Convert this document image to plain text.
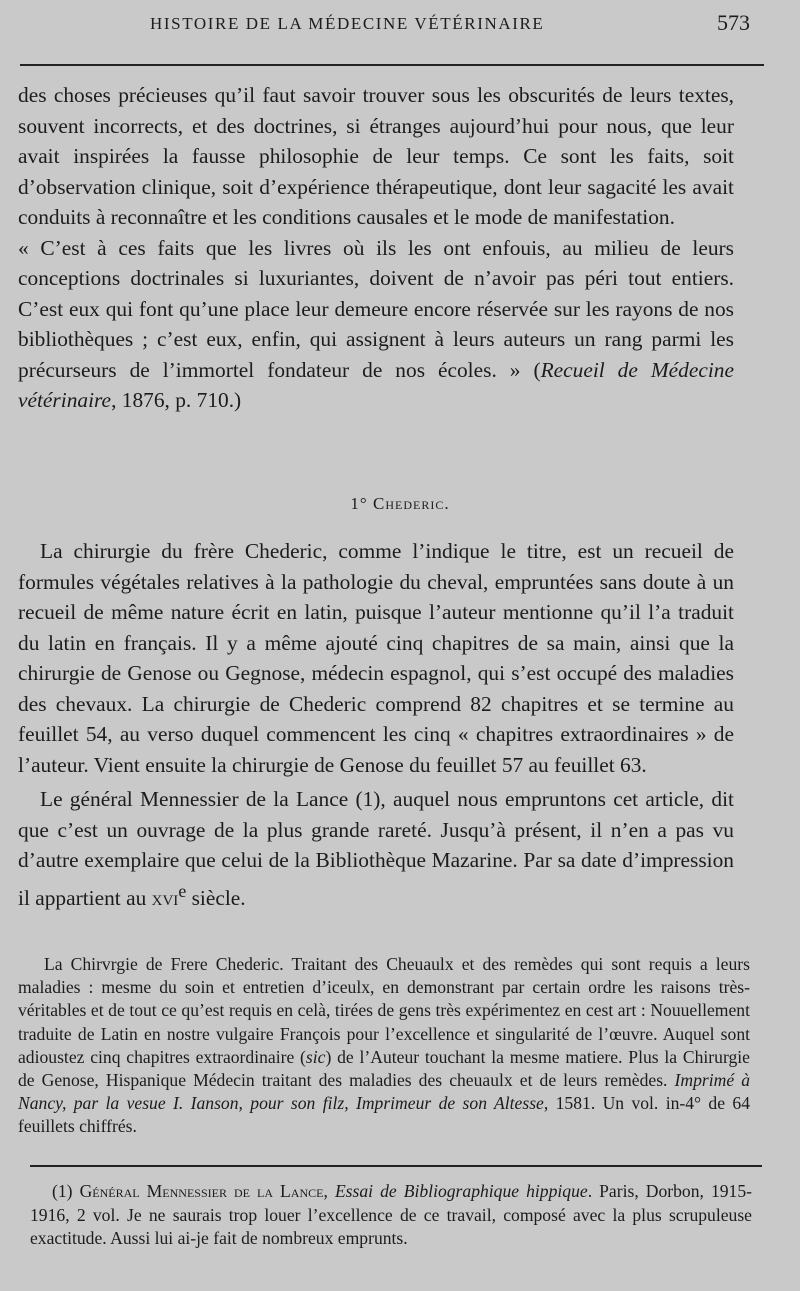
HISTOIRE DE LA MÉDECINE VÉTÉRINAIRE	573

des choses précieuses qu’il faut savoir trouver sous les obscurités de leurs textes, souvent incorrects, et des doctrines, si étranges aujourd’hui pour nous, que leur avait inspirées la fausse philosophie de leur temps. Ce sont les faits, soit d’observation clinique, soit d’expérience thérapeutique, dont leur sagacité les avait conduits à reconnaître et les conditions causales et le mode de manifestation.

« C’est à ces faits que les livres où ils les ont enfouis, au milieu de leurs conceptions doctrinales si luxuriantes, doivent de n’avoir pas péri tout entiers. C’est eux qui font qu’une place leur demeure encore réservée sur les rayons de nos bibliothèques ; c’est eux, enfin, qui assignent à leurs auteurs un rang parmi les précurseurs de l’immortel fondateur de nos écoles. » (Recueil de Médecine vétérinaire, 1876, p. 710.)

1° Chederic.

La chirurgie du frère Chederic, comme l’indique le titre, est un recueil de formules végétales relatives à la pathologie du cheval, empruntées sans doute à un recueil de même nature écrit en latin, puisque l’auteur mentionne qu’il l’a traduit du latin en français. Il y a même ajouté cinq chapitres de sa main, ainsi que la chirurgie de Genose ou Gegnose, médecin espagnol, qui s’est occupé des maladies des chevaux. La chirurgie de Chederic comprend 82 chapitres et se termine au feuillet 54, au verso duquel commencent les cinq « chapitres extraordinaires » de l’auteur. Vient ensuite la chirurgie de Genose du feuillet 57 au feuillet 63.

Le général Mennessier de la Lance (1), auquel nous empruntons cet article, dit que c’est un ouvrage de la plus grande rareté. Jusqu’à présent, il n’en a pas vu d’autre exemplaire que celui de la Bibliothèque Mazarine. Par sa date d’impression il appartient au xvi$^e$ siècle.

La Chirvrgie de Frere Chederic. Traitant des Cheuaulx et des remèdes qui sont requis a leurs maladies : mesme du soin et entretien d’iceulx, en demonstrant par certain ordre les raisons très-véritables et de tout ce qu’est requis en celà, tirées de gens très expérimentez en cest art : Nouuellement traduite de Latin en nostre vulgaire François pour l’excellence et singularité de l’œuvre. Auquel sont adioustez cinq chapitres extraordinaire (sic) de l’Auteur touchant la mesme matiere. Plus la Chirurgie de Genose, Hispanique Médecin traitant des maladies des cheuaulx et de leurs remèdes. Imprimé à Nancy, par la vesue I. Ianson, pour son filz, Imprimeur de son Altesse, 1581. Un vol. in-4° de 64 feuillets chiffrés.

(1) Général Mennessier de la Lance, Essai de Bibliographique hippique. Paris, Dorbon, 1915-1916, 2 vol. Je ne saurais trop louer l’excellence de ce travail, composé avec la plus scrupuleuse exactitude. Aussi lui ai-je fait de nombreux emprunts.
